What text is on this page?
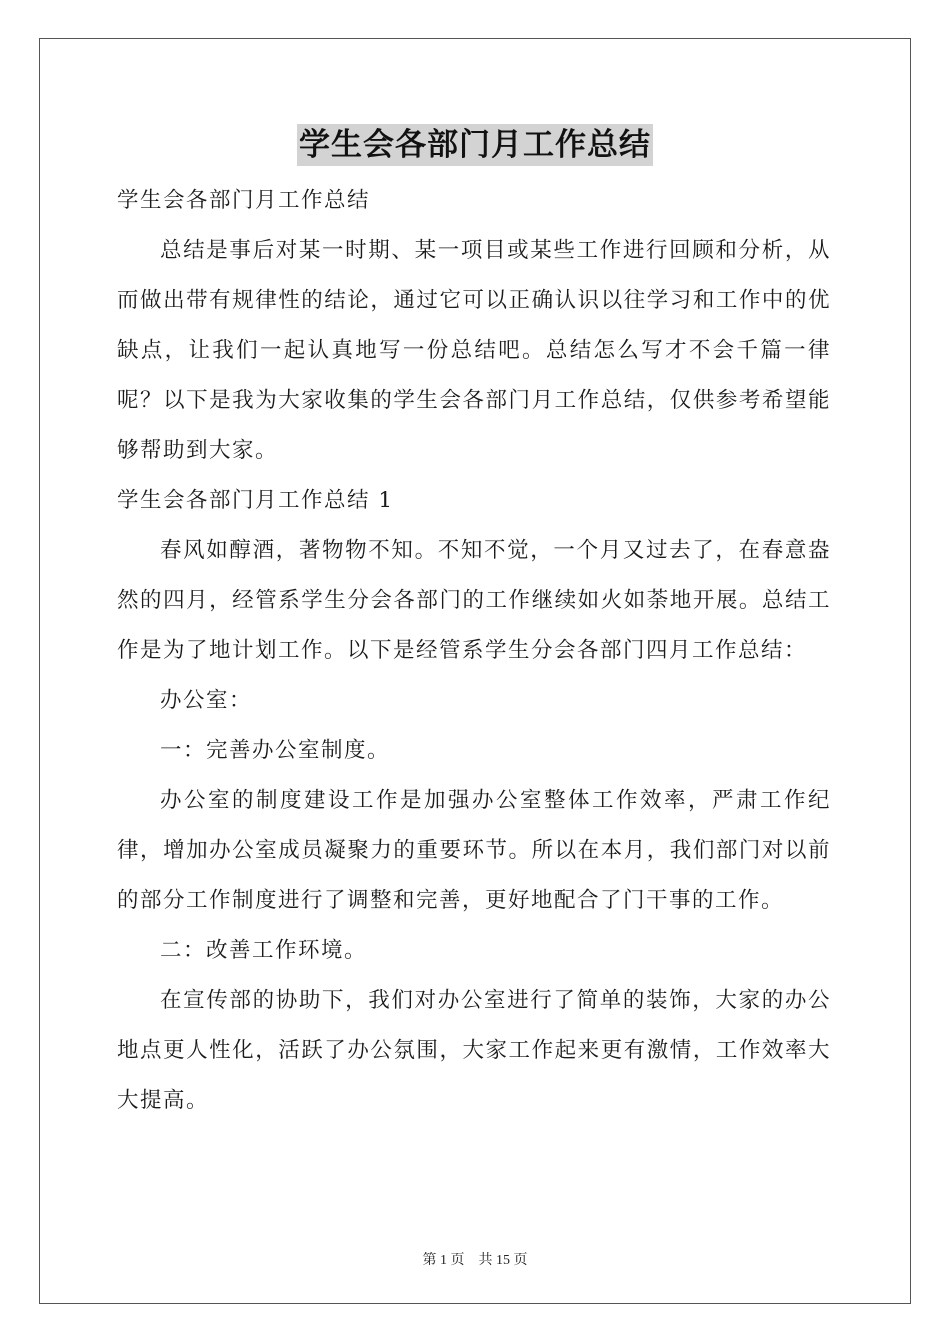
学生会各部门月工作总结

学生会各部门月工作总结

总结是事后对某一时期、某一项目或某些工作进行回顾和分析，从而做出带有规律性的结论，通过它可以正确认识以往学习和工作中的优缺点，让我们一起认真地写一份总结吧。总结怎么写才不会千篇一律呢？以下是我为大家收集的学生会各部门月工作总结，仅供参考希望能够帮助到大家。

学生会各部门月工作总结 1

春风如醇酒，著物物不知。不知不觉，一个月又过去了，在春意盎然的四月，经管系学生分会各部门的工作继续如火如荼地开展。总结工作是为了地计划工作。以下是经管系学生分会各部门四月工作总结：

办公室：

一：完善办公室制度。

办公室的制度建设工作是加强办公室整体工作效率，严肃工作纪律，增加办公室成员凝聚力的重要环节。所以在本月，我们部门对以前的部分工作制度进行了调整和完善，更好地配合了门干事的工作。

二：改善工作环境。

在宣传部的协助下，我们对办公室进行了简单的装饰，大家的办公地点更人性化，活跃了办公氛围，大家工作起来更有激情，工作效率大大提高。

第 1 页    共 15 页
